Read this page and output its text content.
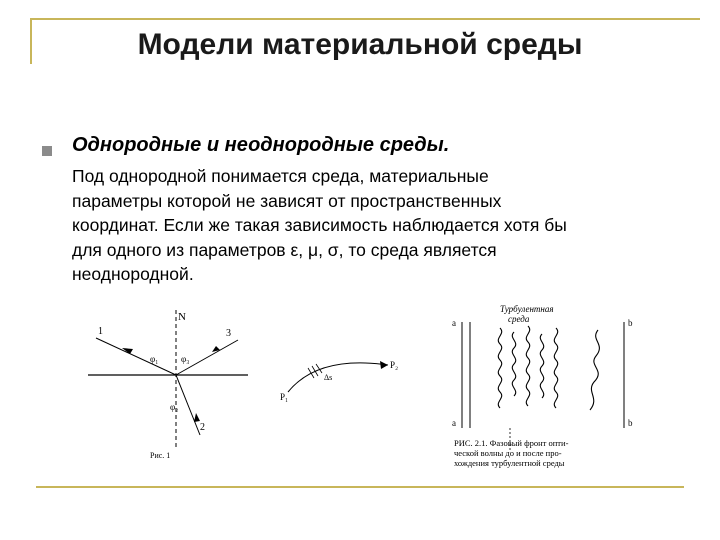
Модели материальной среды
Однородные и неоднородные среды.
Под однородной понимается среда, материальные
параметры которой не зависят от пространственных
координат. Если же такая зависимость наблюдается хотя бы
для одного из параметров ε, μ, σ, то среда является
неоднородной.
N
1	3
2
φ₁	φ₃
φ₂
Рис. 1
P₁
P₂
Δs
Турбулентная
среда
a
a
b
b
РИС. 2.1. Фазовый фронт опти-
ческой волны до и после про-
хождения турбулентной среды
